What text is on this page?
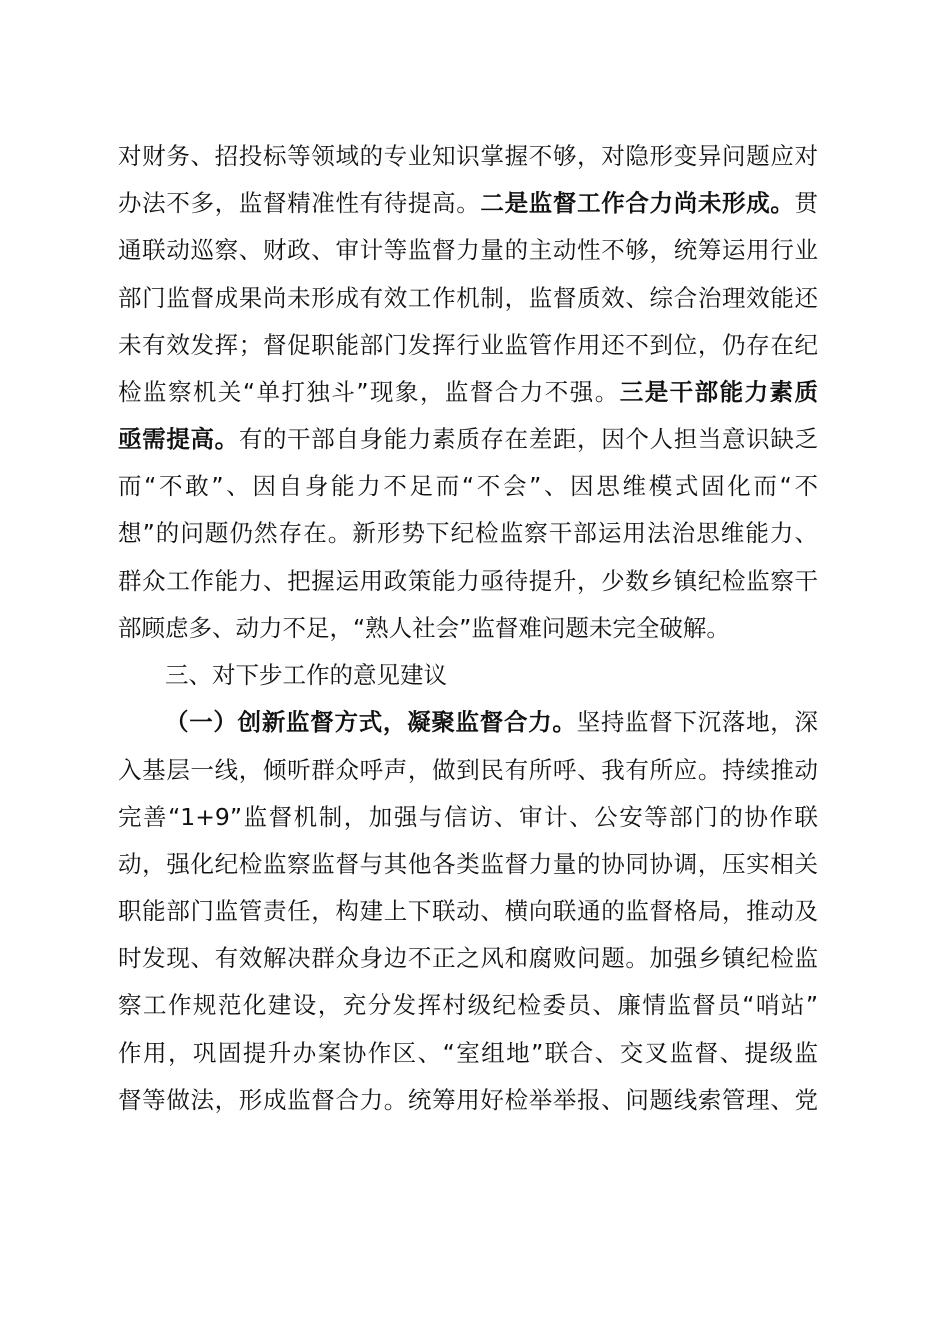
对财务、招投标等领域的专业知识掌握不够，对隐形变异问题应对
办法不多，监督精准性有待提高。二是监督工作合力尚未形成。贯
通联动巡察、财政、审计等监督力量的主动性不够，统筹运用行业
部门监督成果尚未形成有效工作机制，监督质效、综合治理效能还
未有效发挥；督促职能部门发挥行业监管作用还不到位，仍存在纪
检监察机关“单打独斗”现象，监督合力不强。三是干部能力素质
亟需提高。有的干部自身能力素质存在差距，因个人担当意识缺乏
而“不敢”、因自身能力不足而“不会”、因思维模式固化而“不
想”的问题仍然存在。新形势下纪检监察干部运用法治思维能力、
群众工作能力、把握运用政策能力亟待提升，少数乡镇纪检监察干
部顾虑多、动力不足，“熟人社会”监督难问题未完全破解。
三、对下步工作的意见建议
（一）创新监督方式，凝聚监督合力。坚持监督下沉落地，深
入基层一线，倾听群众呼声，做到民有所呼、我有所应。持续推动
完善“1+9”监督机制，加强与信访、审计、公安等部门的协作联
动，强化纪检监察监督与其他各类监督力量的协同协调，压实相关
职能部门监管责任，构建上下联动、横向联通的监督格局，推动及
时发现、有效解决群众身边不正之风和腐败问题。加强乡镇纪检监
察工作规范化建设，充分发挥村级纪检委员、廉情监督员“哨站”
作用，巩固提升办案协作区、“室组地”联合、交叉监督、提级监
督等做法，形成监督合力。统筹用好检举举报、问题线索管理、党
